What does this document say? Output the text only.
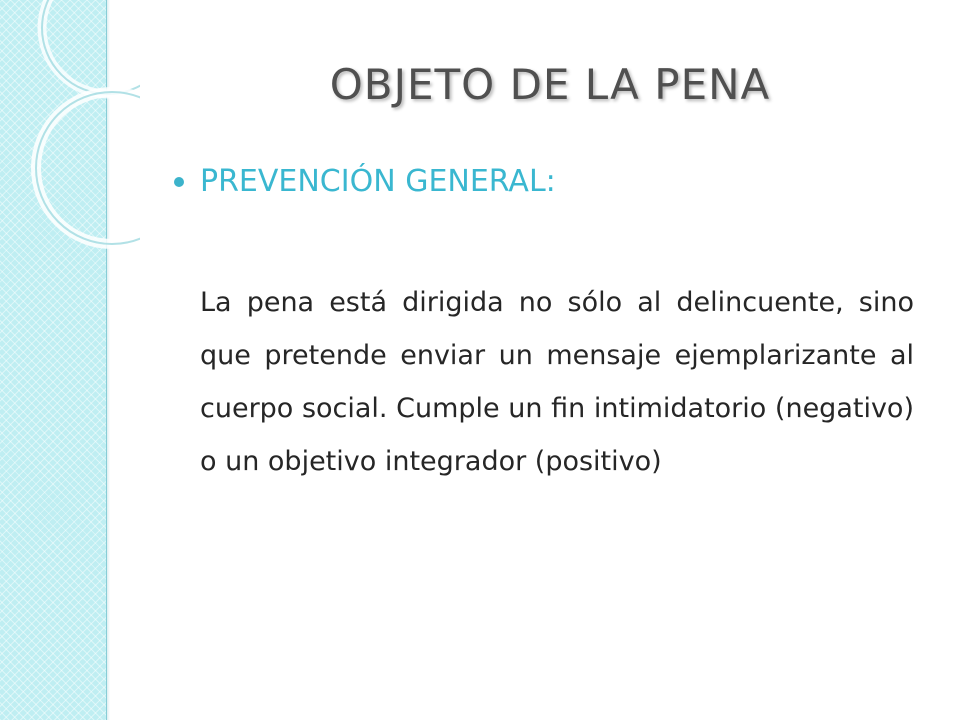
OBJETO DE LA PENA
PREVENCIÓN GENERAL:

La pena está dirigida no sólo al delincuente, sino que pretende enviar un mensaje ejemplarizante al cuerpo social. Cumple un fin intimidatorio (negativo) o un objetivo integrador (positivo)
